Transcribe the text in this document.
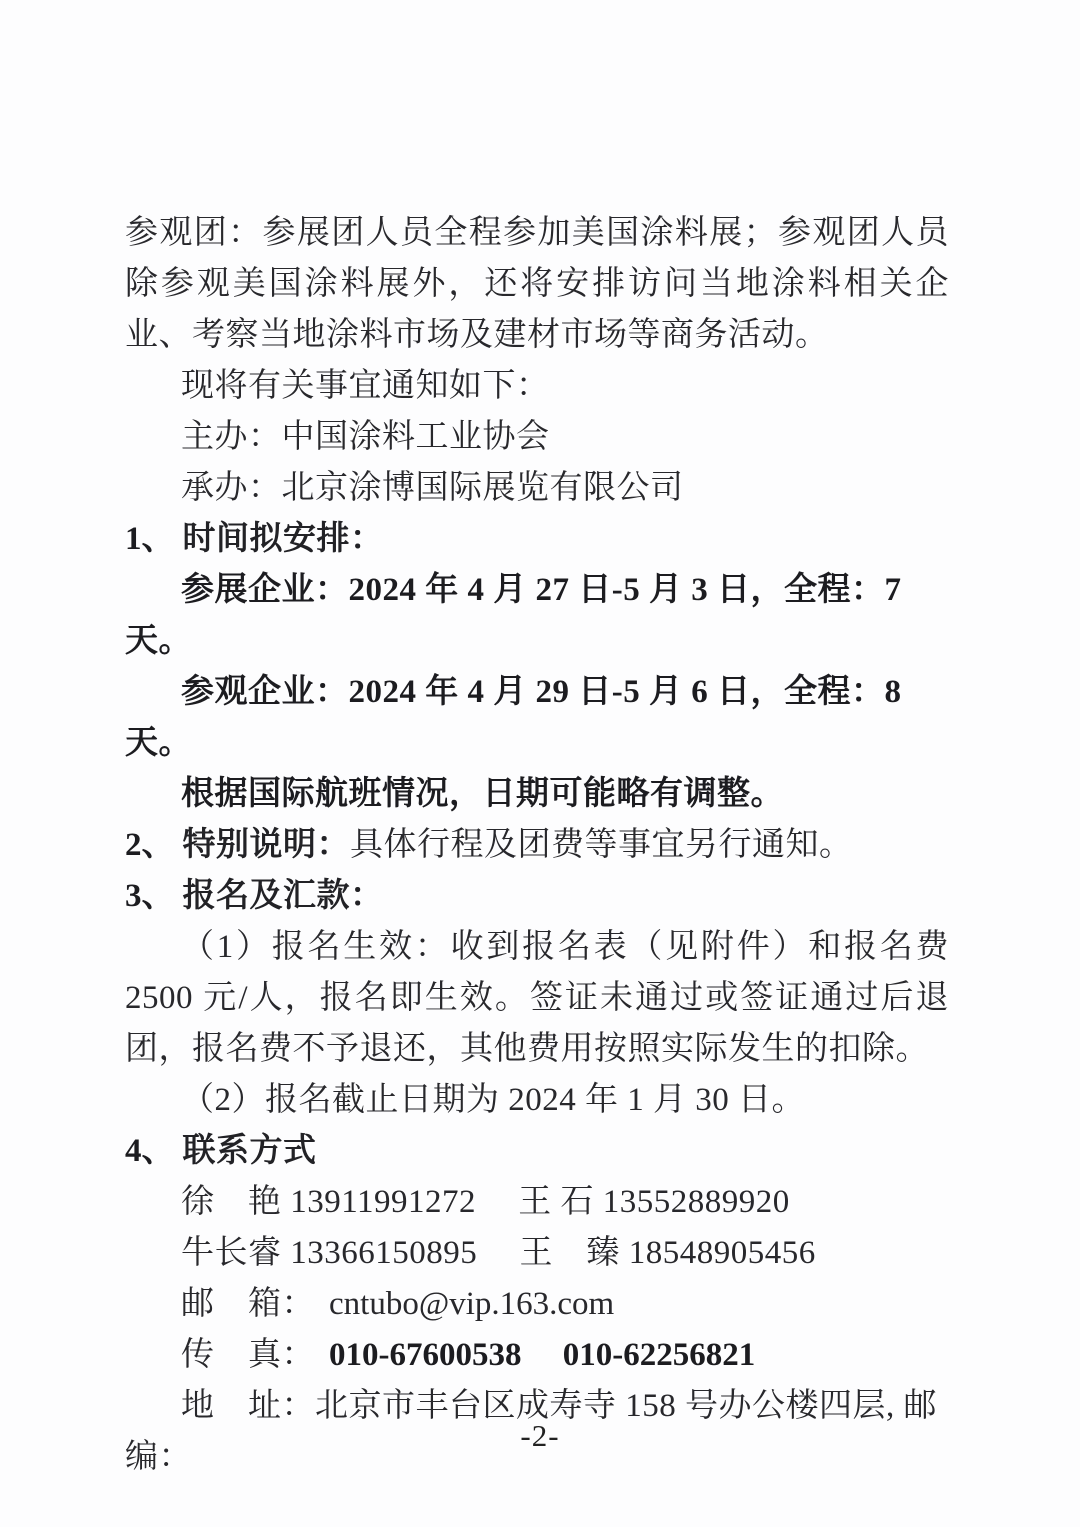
参观团：参展团人员全程参加美国涂料展；参观团人员除参观美国涂料展外，还将安排访问当地涂料相关企业、考察当地涂料市场及建材市场等商务活动。

现将有关事宜通知如下：

主办：中国涂料工业协会

承办：北京涂博国际展览有限公司

1、 时间拟安排：

参展企业：2024 年 4 月 27 日-5 月 3 日，全程：7 天。

参观企业：2024 年 4 月 29 日-5 月 6 日，全程：8 天。

根据国际航班情况，日期可能略有调整。

2、 特别说明：具体行程及团费等事宜另行通知。

3、 报名及汇款：

（1）报名生效：收到报名表（见附件）和报名费 2500 元/人，报名即生效。签证未通过或签证通过后退团，报名费不予退还，其他费用按照实际发生的扣除。

（2）报名截止日期为 2024 年 1 月 30 日。

4、 联系方式

徐　艳 13911991272　 王 石 13552889920

牛长睿 13366150895　 王　臻 18548905456

邮　箱： cntubo@vip.163.com

传　真： 010-67600538　 010-62256821

地　址：北京市丰台区成寿寺 158 号办公楼四层, 邮编：

-2-
